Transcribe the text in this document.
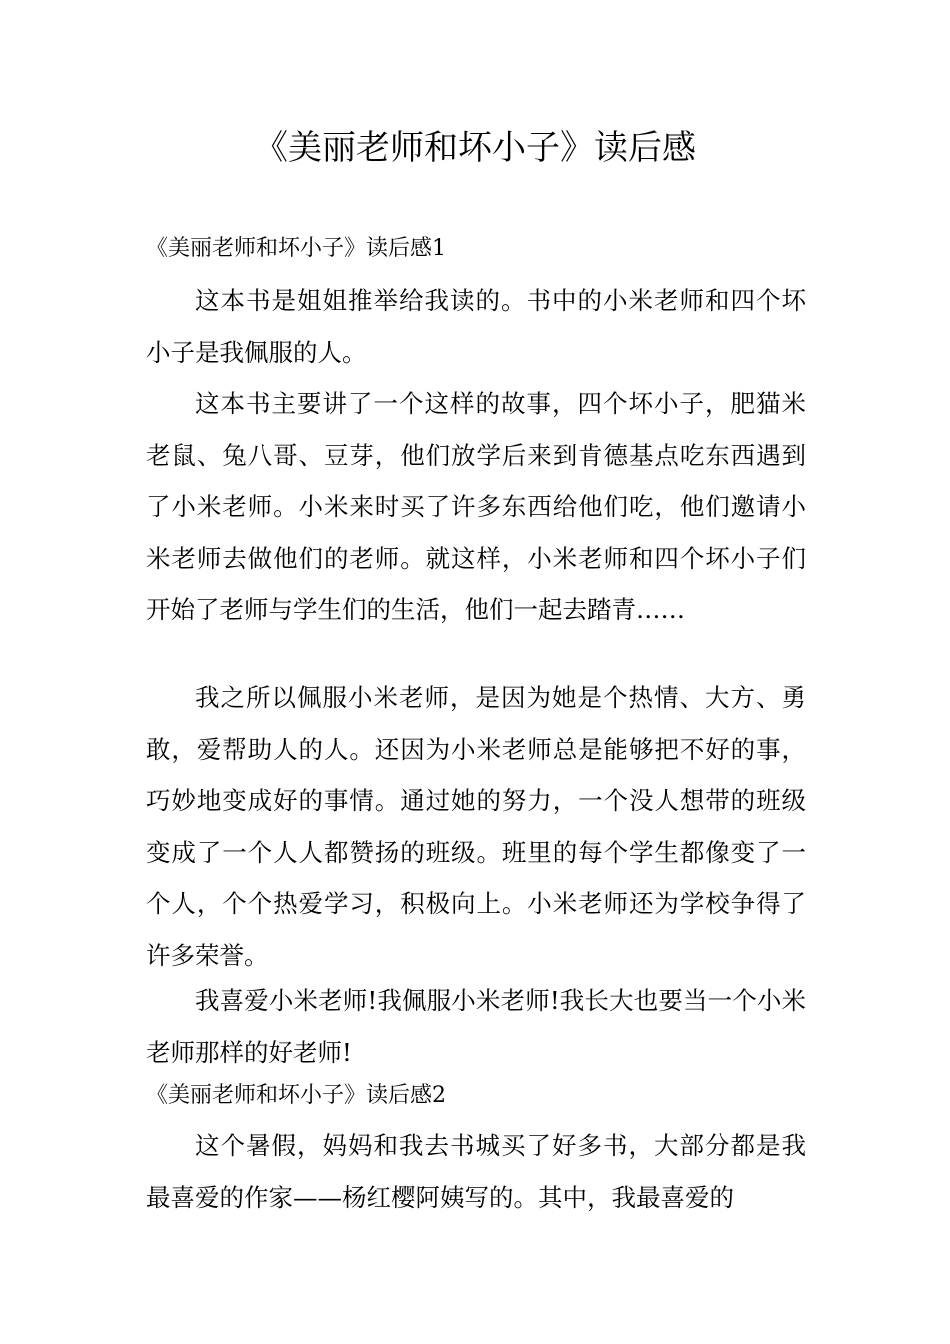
《美丽老师和坏小子》读后感
《美丽老师和坏小子》读后感1

这本书是姐姐推举给我读的。书中的小米老师和四个坏小子是我佩服的人。

这本书主要讲了一个这样的故事，四个坏小子，肥猫米老鼠、兔八哥、豆芽，他们放学后来到肯德基点吃东西遇到了小米老师。小米来时买了许多东西给他们吃，他们邀请小米老师去做他们的老师。就这样，小米老师和四个坏小子们开始了老师与学生们的生活，他们一起去踏青……

我之所以佩服小米老师，是因为她是个热情、大方、勇敢，爱帮助人的人。还因为小米老师总是能够把不好的事，巧妙地变成好的事情。通过她的努力，一个没人想带的班级变成了一个人人都赞扬的班级。班里的每个学生都像变了一个人，个个热爱学习，积极向上。小米老师还为学校争得了许多荣誉。

我喜爱小米老师!我佩服小米老师!我长大也要当一个小米老师那样的好老师!

《美丽老师和坏小子》读后感2

这个暑假，妈妈和我去书城买了好多书，大部分都是我最喜爱的作家——杨红樱阿姨写的。其中，我最喜爱的
